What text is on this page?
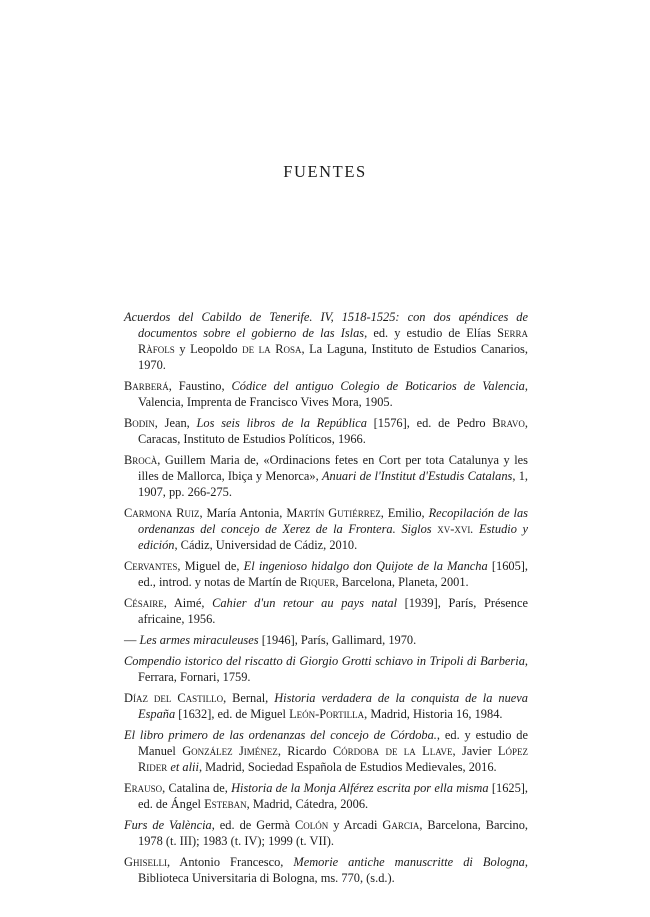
FUENTES

Acuerdos del Cabildo de Tenerife. IV, 1518-1525: con dos apéndices de documentos sobre el gobierno de las Islas, ed. y estudio de Elías Serra Ràfols y Leopoldo de la Rosa, La Laguna, Instituto de Estudios Canarios, 1970.

Barberá, Faustino, Códice del antiguo Colegio de Boticarios de Valencia, Valencia, Imprenta de Francisco Vives Mora, 1905.

Bodin, Jean, Los seis libros de la República [1576], ed. de Pedro Bravo, Caracas, Instituto de Estudios Políticos, 1966.

Brocà, Guillem Maria de, «Ordinacions fetes en Cort per tota Catalunya y les illes de Mallorca, Ibiça y Menorca», Anuari de l'Institut d'Estudis Catalans, 1, 1907, pp. 266-275.

Carmona Ruiz, María Antonia, Martín Gutiérrez, Emilio, Recopilación de las ordenanzas del concejo de Xerez de la Frontera. Siglos xv-xvi. Estudio y edición, Cádiz, Universidad de Cádiz, 2010.

Cervantes, Miguel de, El ingenioso hidalgo don Quijote de la Mancha [1605], ed., introd. y notas de Martín de Riquer, Barcelona, Planeta, 2001.

Césaire, Aimé, Cahier d'un retour au pays natal [1939], París, Présence africaine, 1956.

— Les armes miraculeuses [1946], París, Gallimard, 1970.

Compendio istorico del riscatto di Giorgio Grotti schiavo in Tripoli di Barberia, Ferrara, Fornari, 1759.

Díaz del Castillo, Bernal, Historia verdadera de la conquista de la nueva España [1632], ed. de Miguel León-Portilla, Madrid, Historia 16, 1984.

El libro primero de las ordenanzas del concejo de Córdoba., ed. y estudio de Manuel González Jiménez, Ricardo Córdoba de la Llave, Javier López Rider et alii, Madrid, Sociedad Española de Estudios Medievales, 2016.

Erauso, Catalina de, Historia de la Monja Alférez escrita por ella misma [1625], ed. de Ángel Esteban, Madrid, Cátedra, 2006.

Furs de València, ed. de Germà Colón y Arcadi Garcia, Barcelona, Barcino, 1978 (t. III); 1983 (t. IV); 1999 (t. VII).

Ghiselli, Antonio Francesco, Memorie antiche manuscritte di Bologna, Biblioteca Universitaria di Bologna, ms. 770, (s.d.).
